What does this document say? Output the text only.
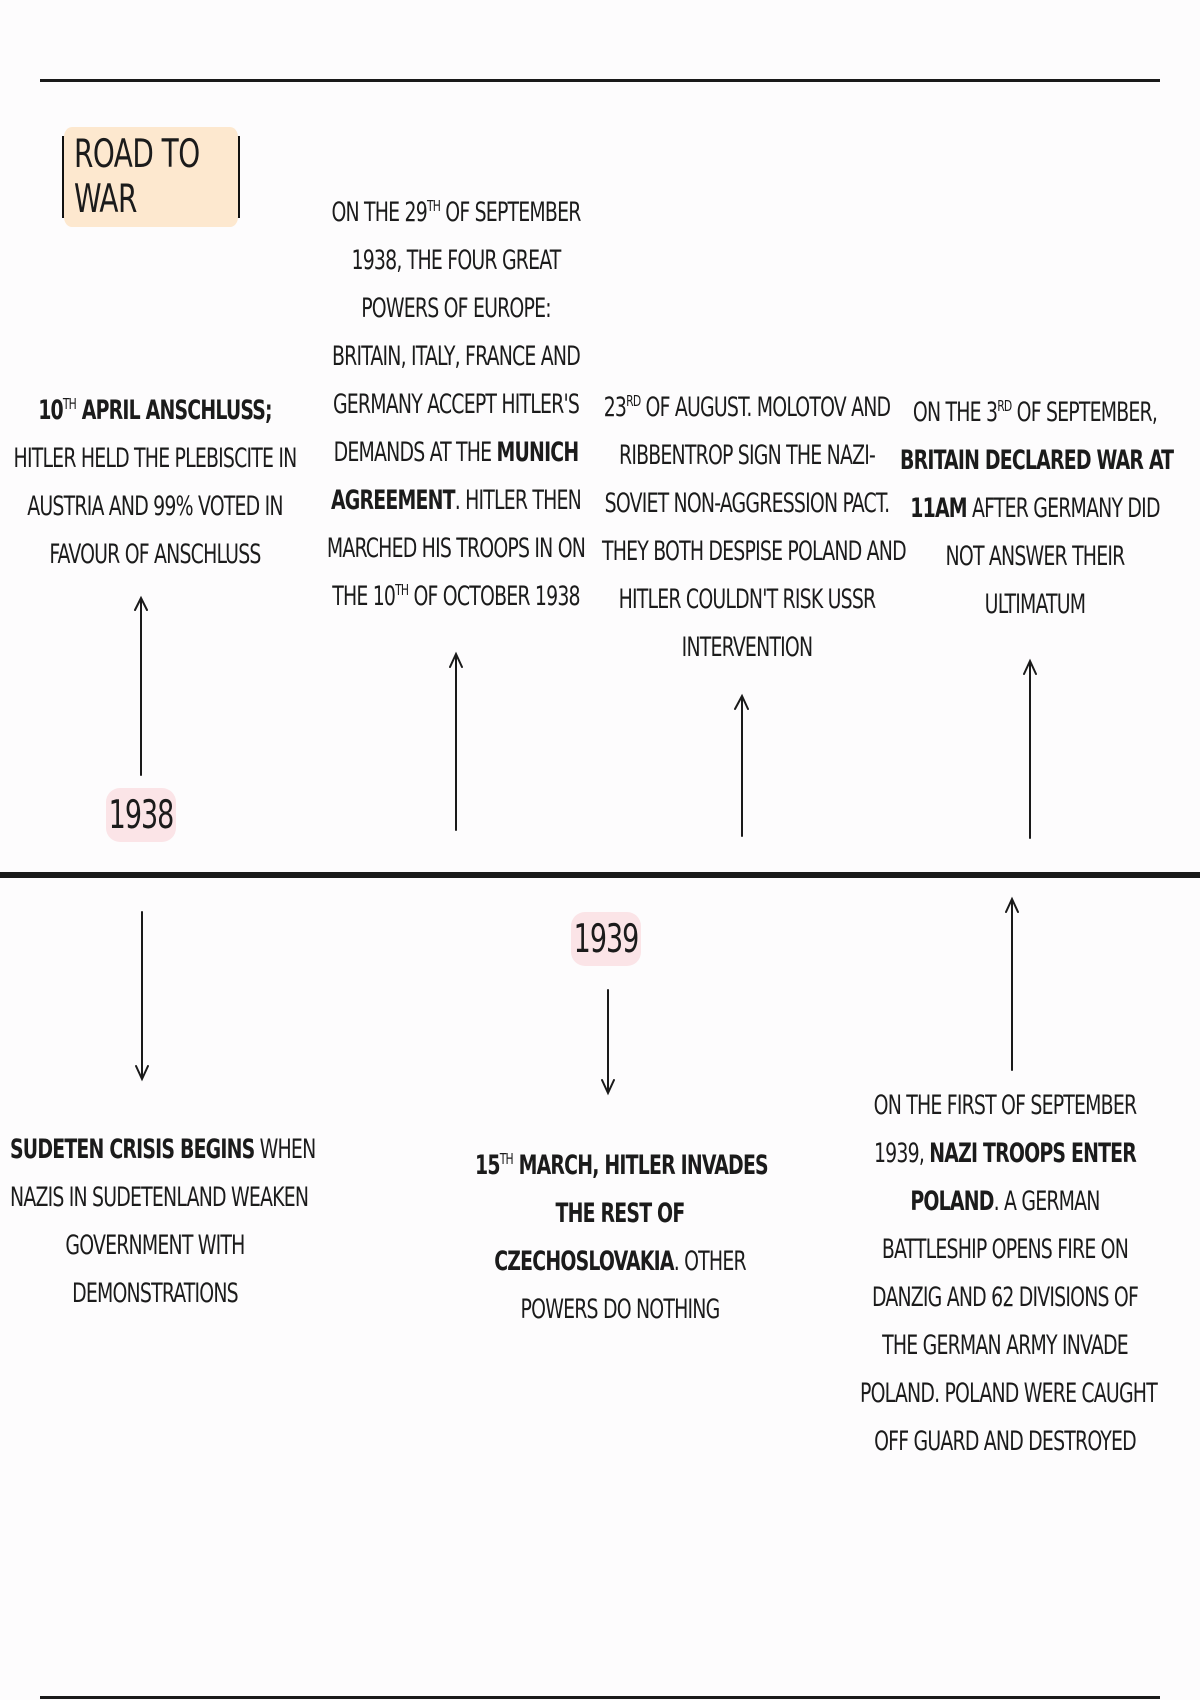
ROAD TO WAR
1938
1939
10TH APRIL ANSCHLUSS;
HITLER HELD THE PLEBISCITE IN
AUSTRIA AND 99% VOTED IN
FAVOUR OF ANSCHLUSS
ON THE 29TH OF SEPTEMBER
1938, THE FOUR GREAT
POWERS OF EUROPE:
BRITAIN, ITALY, FRANCE AND
GERMANY ACCEPT HITLER'S
DEMANDS AT THE MUNICH
AGREEMENT. HITLER THEN
MARCHED HIS TROOPS IN ON
THE 10TH OF OCTOBER 1938
23RD OF AUGUST. MOLOTOV AND
RIBBENTROP SIGN THE NAZI-
SOVIET NON-AGGRESSION PACT.
THEY BOTH DESPISE POLAND AND
HITLER COULDN'T RISK USSR
INTERVENTION
ON THE 3RD OF SEPTEMBER,
BRITAIN DECLARED WAR AT
11AM AFTER GERMANY DID
NOT ANSWER THEIR
ULTIMATUM
SUDETEN CRISIS BEGINS WHEN
NAZIS IN SUDETENLAND WEAKEN
GOVERNMENT WITH
DEMONSTRATIONS
15TH MARCH, HITLER INVADES
THE REST OF
CZECHOSLOVAKIA. OTHER
POWERS DO NOTHING
ON THE FIRST OF SEPTEMBER
1939, NAZI TROOPS ENTER
POLAND. A GERMAN
BATTLESHIP OPENS FIRE ON
DANZIG AND 62 DIVISIONS OF
THE GERMAN ARMY INVADE
POLAND. POLAND WERE CAUGHT
OFF GUARD AND DESTROYED
